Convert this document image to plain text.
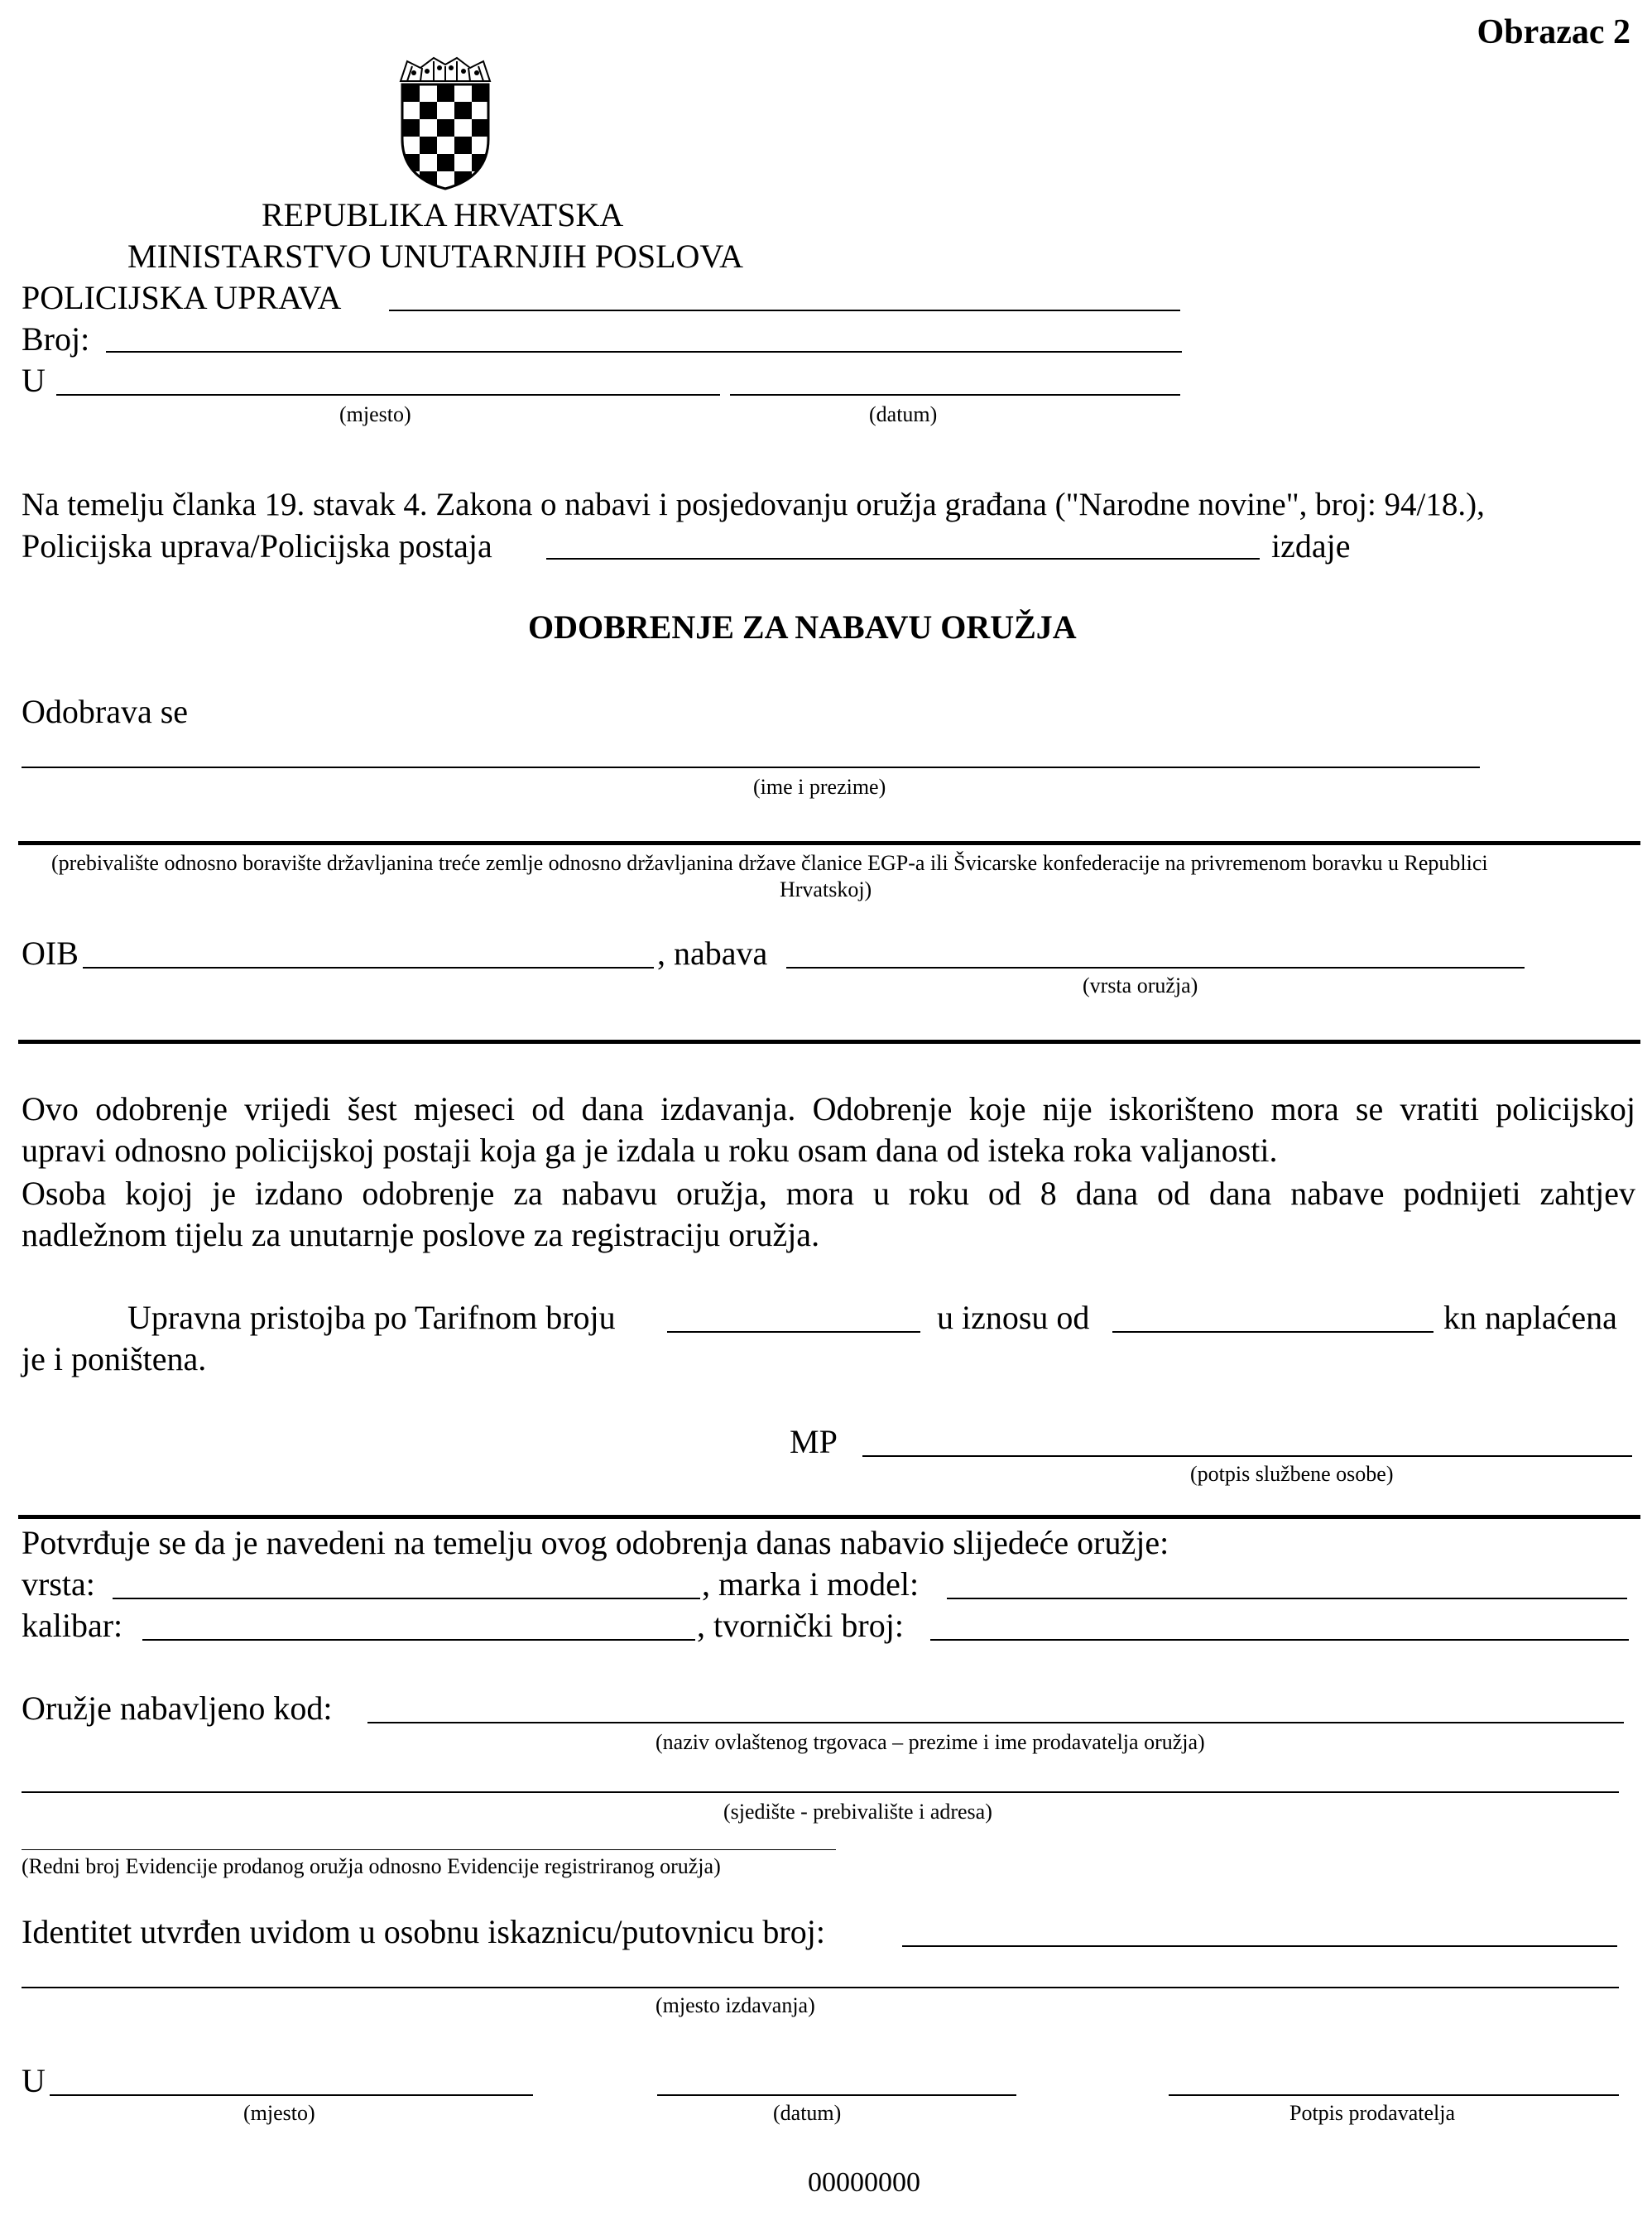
Obrazac 2
REPUBLIKA HRVATSKA
MINISTARSTVO UNUTARNJIH POSLOVA
POLICIJSKA UPRAVA
Broj:
U
(mjesto)	(datum)
Na temelju članka 19. stavak 4. Zakona o nabavi i posjedovanju oružja građana ("Narodne novine", broj: 94/18.),
Policijska uprava/Policijska postaja	izdaje
ODOBRENJE ZA NABAVU ORUŽJA
Odobrava se
(ime i prezime)
(prebivalište odnosno boravište državljanina treće zemlje odnosno državljanina države članice EGP-a ili Švicarske konfederacije na privremenom boravku u Republici
Hrvatskoj)
OIB	, nabava
(vrsta oružja)
Ovo odobrenje vrijedi šest mjeseci od dana izdavanja. Odobrenje koje nije iskorišteno mora se vratiti policijskoj
upravi odnosno policijskoj postaji koja ga je izdala u roku osam dana od isteka roka valjanosti.
Osoba kojoj je izdano odobrenje za nabavu oružja, mora u roku od 8 dana od dana nabave podnijeti zahtjev
nadležnom tijelu za unutarnje poslove za registraciju oružja.
Upravna pristojba po Tarifnom broju	u iznosu od	kn naplaćena
je i poništena.
MP
(potpis službene osobe)
Potvrđuje se da je navedeni na temelju ovog odobrenja danas nabavio slijedeće oružje:
vrsta:	, marka i model:
kalibar:	, tvornički broj:
Oružje nabavljeno kod:
(naziv ovlaštenog trgovaca – prezime i ime prodavatelja oružja)
(sjedište - prebivalište i adresa)
(Redni broj Evidencije prodanog oružja odnosno Evidencije registriranog oružja)
Identitet utvrđen uvidom u osobnu iskaznicu/putovnicu broj:
(mjesto izdavanja)
U
(mjesto)	(datum)	Potpis prodavatelja
00000000
